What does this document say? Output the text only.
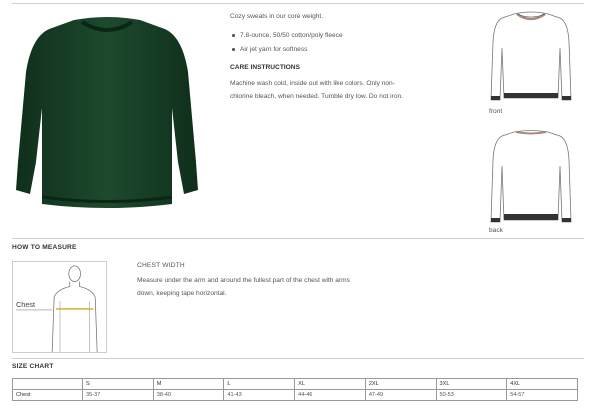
Cozy sweats in our core weight.
7.8-ounce, 50/50 cotton/poly fleece
Air jet yarn for softness
CARE INSTRUCTIONS
Machine wash cold, inside out with like colors. Only non-chlorine bleach, when needed. Tumble dry low. Do not iron.
front
back
HOW TO MEASURE
Chest
CHEST WIDTH
Measure under the arm and around the fullest part of the chest with arms down, keeping tape horizontal.
SIZE CHART
	S	M	L	XL	2XL	3XL	4XL
Chest	35-37	38-40	41-43	44-46	47-49	50-53	54-57
